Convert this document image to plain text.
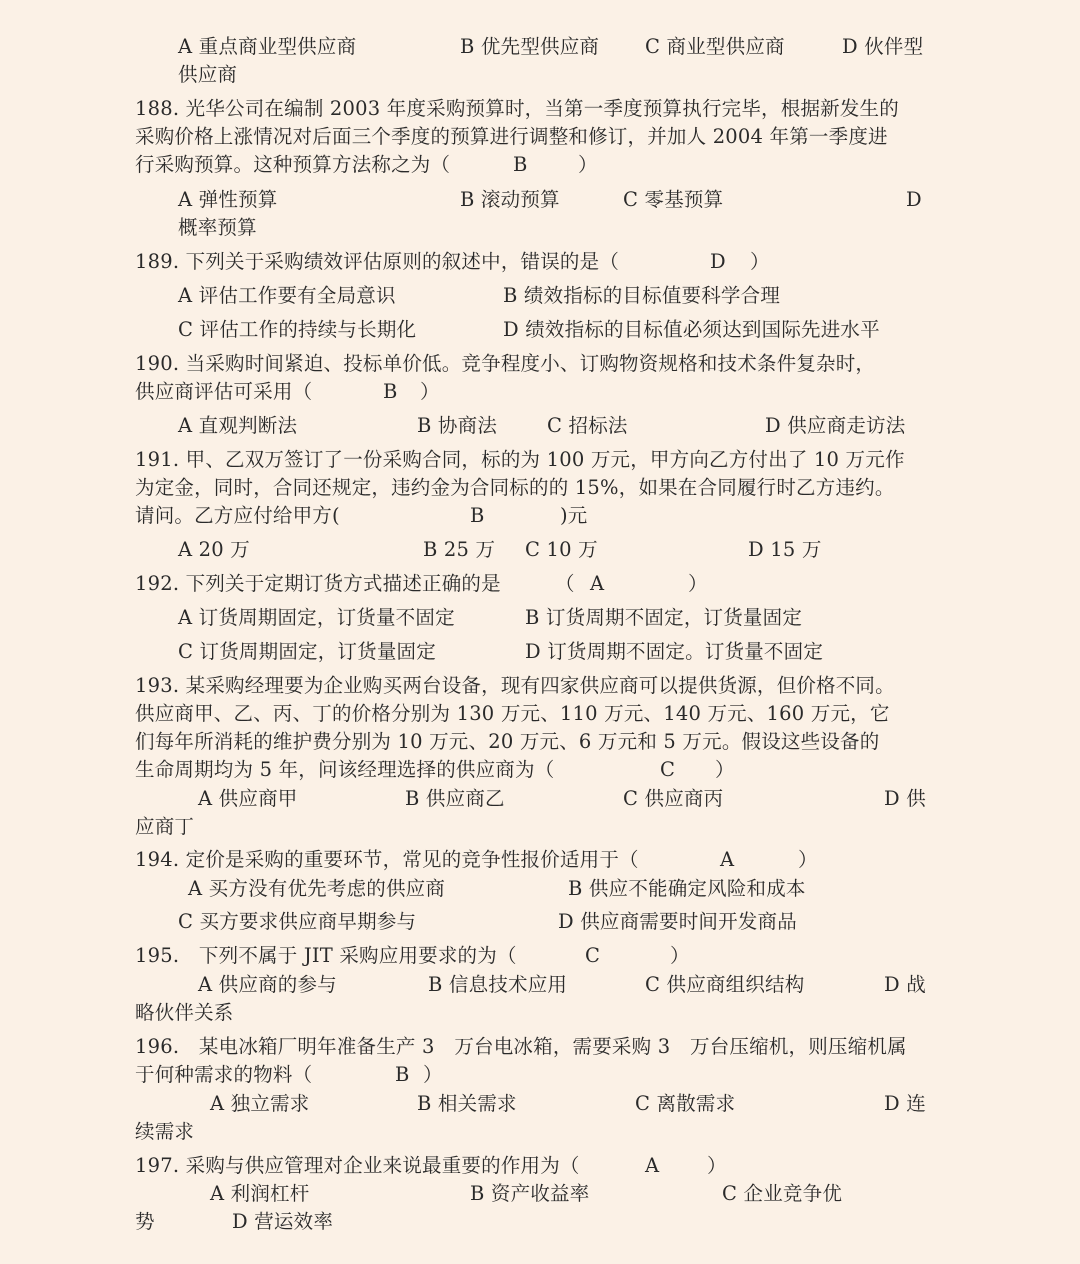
A 重点商业型供应商	B 优先型供应商 C 商业型供应商	D 伙伴型
供应商
188. 光华公司在编制 2003 年度采购预算时，当第一季度预算执行完毕，根据新发生的
采购价格上涨情况对后面三个季度的预算进行调整和修订，并加人 2004 年第一季度进
行采购预算。这种预算方法称之为（	B	）
A 弹性预算	B 滚动预算	C 零基预算	D
概率预算
189. 下列关于采购绩效评估原则的叙述中，错误的是（	D ）
A 评估工作要有全局意识	B 绩效指标的目标值要科学合理
C 评估工作的持续与长期化	D 绩效指标的目标值必须达到国际先进水平
190. 当采购时间紧迫、投标单价低。竞争程度小、订购物资规格和技术条件复杂时，
供应商评估可采用（	B ）
A 直观判断法	B 协商法	C 招标法	D 供应商走访法
191. 甲、乙双万签订了一份采购合同，标的为 100 万元，甲方向乙方付出了 10 万元作
为定金，同时，合同还规定，违约金为合同标的的 15%，如果在合同履行时乙方违约。
请问。乙方应付给甲方(	B	)元
A 20 万	B 25 万 C 10 万	D 15 万
192. 下列关于定期订货方式描述正确的是	（ A	）
A 订货周期固定，订货量不固定	B 订货周期不固定，订货量固定
C 订货周期固定，订货量固定	D 订货周期不固定。订货量不固定
193. 某采购经理要为企业购买两台设备，现有四家供应商可以提供货源，但价格不同。
供应商甲、乙、丙、丁的价格分别为 130 万元、110 万元、140 万元、160 万元，它
们每年所消耗的维护费分别为 10 万元、20 万元、6 万元和 5 万元。假设这些设备的
生命周期均为 5 年，问该经理选择的供应商为（	C ）
A 供应商甲	B 供应商乙	C 供应商丙	D 供
应商丁
194. 定价是采购的重要环节，常见的竞争性报价适用于（	A	）
A 买方没有优先考虑的供应商	B 供应不能确定风险和成本
C 买方要求供应商早期参与	D 供应商需要时间开发商品
195.　下列不属于 JIT 采购应用要求的为（	C	）
A 供应商的参与	B 信息技术应用	C 供应商组织结构	D 战
略伙伴关系
196.　某电冰箱厂明年准备生产 3　万台电冰箱，需要采购 3　万台压缩机，则压缩机属
于何种需求的物料（	B ）
A 独立需求	B 相关需求	C 离散需求	D 连
续需求
197. 采购与供应管理对企业来说最重要的作用为（	A ）
A 利润杠杆	B 资产收益率	C 企业竞争优
势	D 营运效率
